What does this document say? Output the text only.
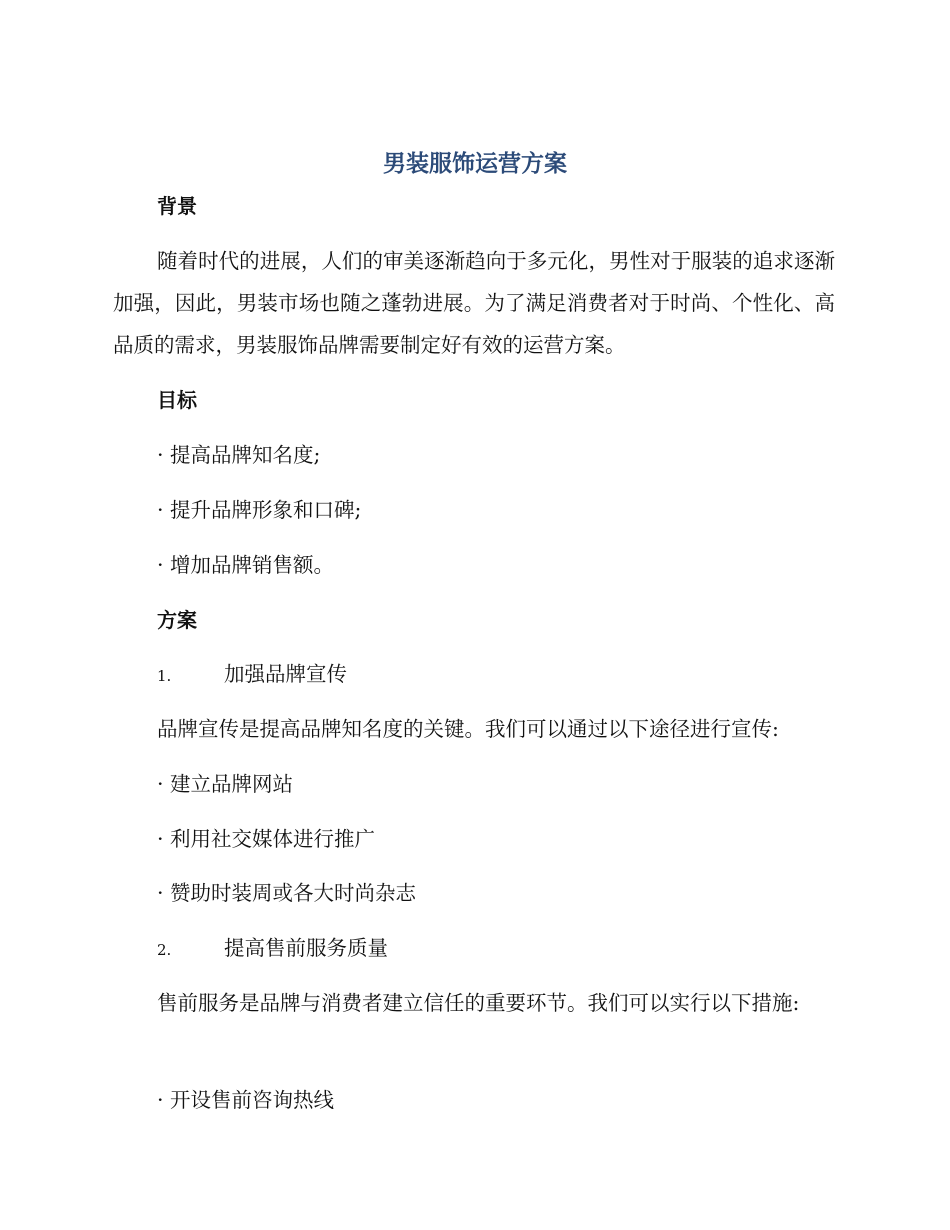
男装服饰运营方案
背景

随着时代的进展，人们的审美逐渐趋向于多元化，男性对于服装的追求逐渐加强，因此，男装市场也随之蓬勃进展。为了满足消费者对于时尚、个性化、高品质的需求，男装服饰品牌需要制定好有效的运营方案。

目标

· 提高品牌知名度;

· 提升品牌形象和口碑;

· 增加品牌销售额。

方案

1.	加强品牌宣传

品牌宣传是提高品牌知名度的关键。我们可以通过以下途径进行宣传:

· 建立品牌网站

· 利用社交媒体进行推广

· 赞助时装周或各大时尚杂志

2.	提高售前服务质量

售前服务是品牌与消费者建立信任的重要环节。我们可以实行以下措施:

· 开设售前咨询热线
